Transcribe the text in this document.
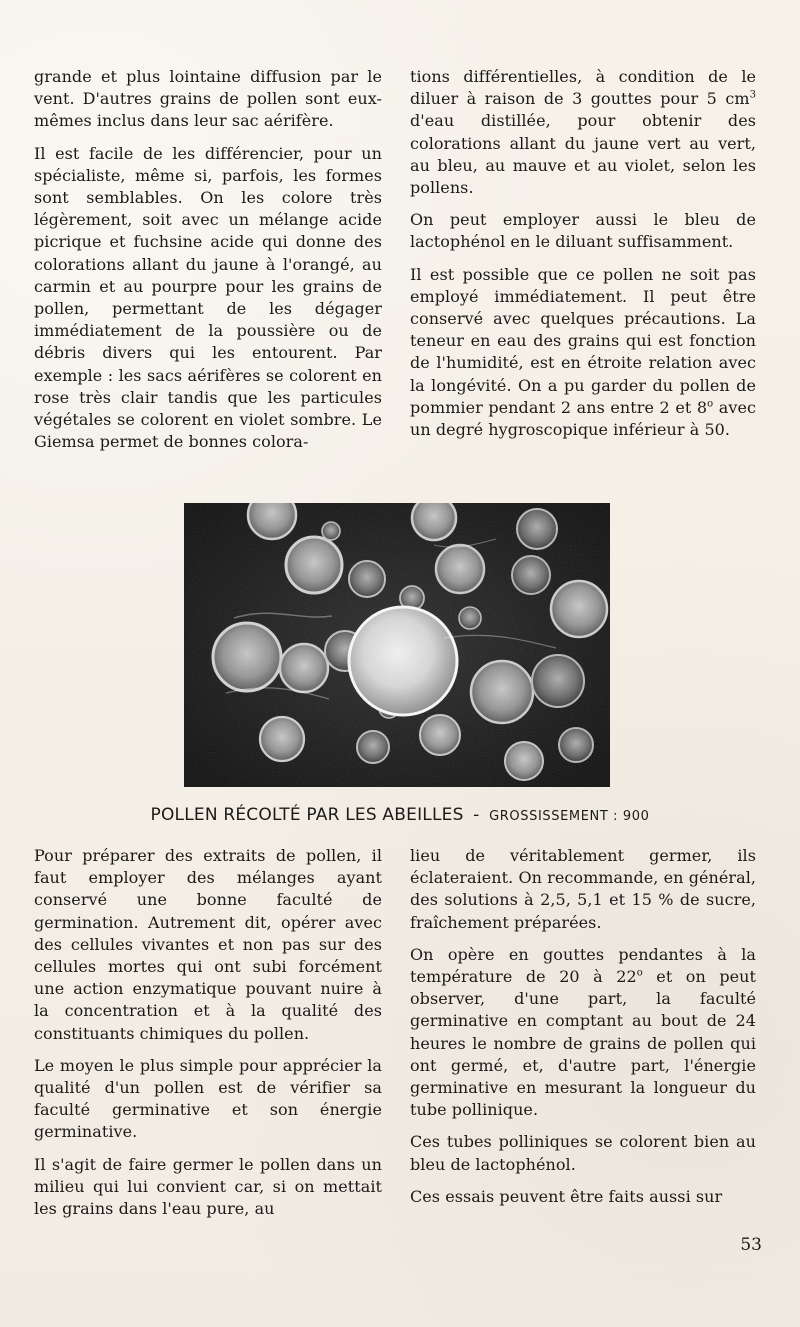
grande et plus lointaine diffusion par le vent. D'autres grains de pollen sont eux-mêmes inclus dans leur sac aérifère.

Il est facile de les différencier, pour un spécialiste, même si, parfois, les formes sont semblables. On les colore très légèrement, soit avec un mélange acide picrique et fuchsine acide qui donne des colorations allant du jaune à l'orangé, au carmin et au pourpre pour les grains de pollen, permettant de les dégager immédiatement de la poussière ou de débris divers qui les entourent. Par exemple : les sacs aérifères se colorent en rose très clair tandis que les particules végétales se colorent en violet sombre. Le Giemsa permet de bonnes colora-

tions différentielles, à condition de le diluer à raison de 3 gouttes pour 5 $cm^3$ d'eau distillée, pour obtenir des colorations allant du jaune vert au vert, au bleu, au mauve et au violet, selon les pollens.

On peut employer aussi le bleu de lactophénol en le diluant suffisamment.

Il est possible que ce pollen ne soit pas employé immédiatement. Il peut être conservé avec quelques précautions. La teneur en eau des grains qui est fonction de l'humidité, est en étroite relation avec la longévité. On a pu garder du pollen de pommier pendant 2 ans entre 2 et 8$^o$ avec un degré hygroscopique inférieur à 50.

POLLEN RÉCOLTÉ PAR LES ABEILLES - GROSSISSEMENT : 900

Pour préparer des extraits de pollen, il faut employer des mélanges ayant conservé une bonne faculté de germination. Autrement dit, opérer avec des cellules vivantes et non pas sur des cellules mortes qui ont subi forcément une action enzymatique pouvant nuire à la concentration et à la qualité des constituants chimiques du pollen.

Le moyen le plus simple pour apprécier la qualité d'un pollen est de vérifier sa faculté germinative et son énergie germinative.

Il s'agit de faire germer le pollen dans un milieu qui lui convient car, si on mettait les grains dans l'eau pure, au

lieu de véritablement germer, ils éclateraient. On recommande, en général, des solutions à 2,5, 5,1 et 15 % de sucre, fraîchement préparées.

On opère en gouttes pendantes à la température de 20 à 22$^o$ et on peut observer, d'une part, la faculté germinative en comptant au bout de 24 heures le nombre de grains de pollen qui ont germé, et, d'autre part, l'énergie germinative en mesurant la longueur du tube pollinique.

Ces tubes polliniques se colorent bien au bleu de lactophénol.

Ces essais peuvent être faits aussi sur

53
